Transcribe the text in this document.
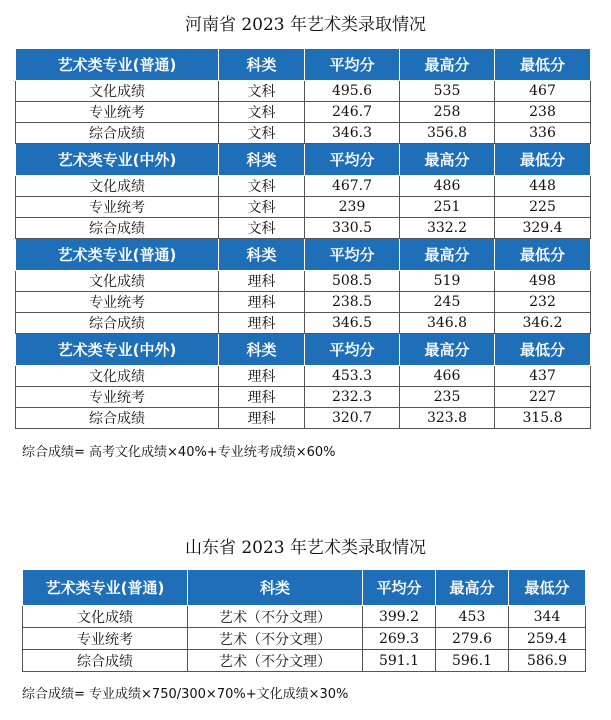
河南省 2023 年艺术类录取情况
艺术类专业(普通)	科类	平均分	最高分	最低分
文化成绩	文科	495.6	535	467
专业统考	文科	246.7	258	238
综合成绩	文科	346.3	356.8	336
艺术类专业(中外)	科类	平均分	最高分	最低分
文化成绩	文科	467.7	486	448
专业统考	文科	239	251	225
综合成绩	文科	330.5	332.2	329.4
艺术类专业(普通)	科类	平均分	最高分	最低分
文化成绩	理科	508.5	519	498
专业统考	理科	238.5	245	232
综合成绩	理科	346.5	346.8	346.2
艺术类专业(中外)	科类	平均分	最高分	最低分
文化成绩	理科	453.3	466	437
专业统考	理科	232.3	235	227
综合成绩	理科	320.7	323.8	315.8
综合成绩= 高考文化成绩×40%+专业统考成绩×60%
山东省 2023 年艺术类录取情况
艺术类专业(普通)	科类	平均分	最高分	最低分
文化成绩	艺术（不分文理）	399.2	453	344
专业统考	艺术（不分文理）	269.3	279.6	259.4
综合成绩	艺术（不分文理）	591.1	596.1	586.9
综合成绩= 专业成绩×750/300×70%+文化成绩×30%
